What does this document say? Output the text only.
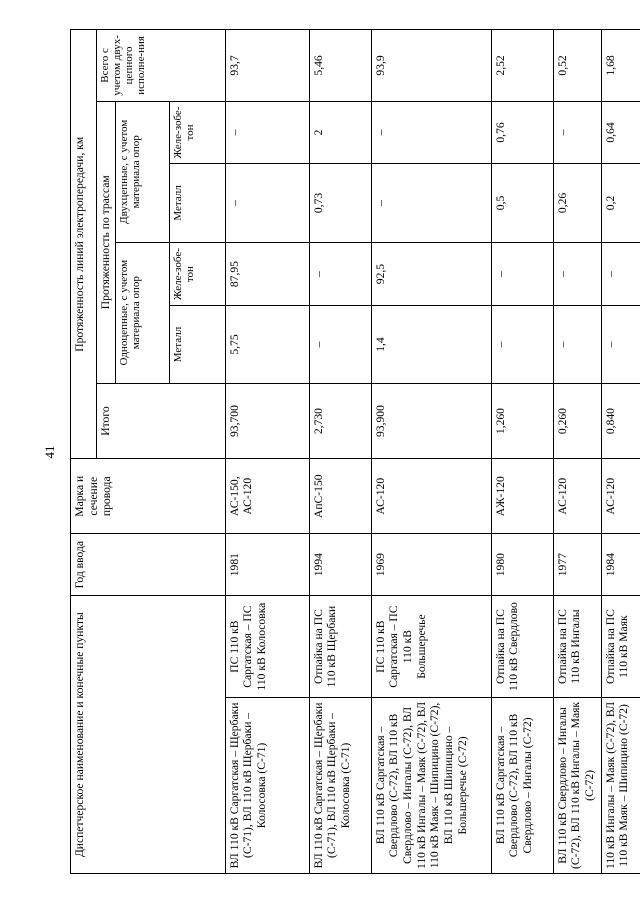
41
Диспетчерское наименование и конечные пункты		Год ввода	Марка и сечение провода	Протяженность линий электропередачи, км					
				Итого	Протяженность по трассам				Всего с учетом двух-цепного исполне-ния
					Одноцепные, с учетом материала опор		Двухцепные, с учетом материала опор		
					Металл	Желе-зобе-тон	Металл	Желе-зобе-тон	
ВЛ 110 кВ Саргатская – Щербаки (С-71), ВЛ 110 кВ Щербаки – Колосовка (С-71)	ПС 110 кВ Саргатская – ПС 110 кВ Колосовка	1981	АС-150, АС-120	93,700	5,75	87,95	–	–	93,7
ВЛ 110 кВ Саргатская – Щербаки (С-71), ВЛ 110 кВ Щербаки – Колосовка (С-71)	Отпайка на ПС 110 кВ Щербаки	1994	АпС-150	2,730	–	–	0,73	2	5,46
ВЛ 110 кВ Саргатская – Свердлово (С-72), ВЛ 110 кВ Свердлово – Ингалы (С-72), ВЛ 110 кВ Ингалы – Маяк (С-72), ВЛ 110 кВ Маяк – Шипицино (С-72), ВЛ 110 кВ Шипицино – Большеречье (С-72)	ПС 110 кВ Саргатская – ПС 110 кВ Большеречье	1969	АС-120	93,900	1,4	92,5	–	–	93,9
ВЛ 110 кВ Саргатская – Свердлово (С-72), ВЛ 110 кВ Свердлово – Ингалы (С-72)	Отпайка на ПС 110 кВ Свердлово	1980	АЖ-120	1,260	–	–	0,5	0,76	2,52
ВЛ 110 кВ Свердлово – Ингалы (С-72), ВЛ 110 кВ Ингалы – Маяк (С-72)	Отпайка на ПС 110 кВ Ингалы	1977	АС-120	0,260	–	–	0,26	–	0,52
110 кВ Ингалы – Маяк (С-72), ВЛ 110 кВ Маяк – Шипицино (С-72)	Отпайка на ПС 110 кВ Маяк	1984	АС-120	0,840	–	–	0,2	0,64	1,68
